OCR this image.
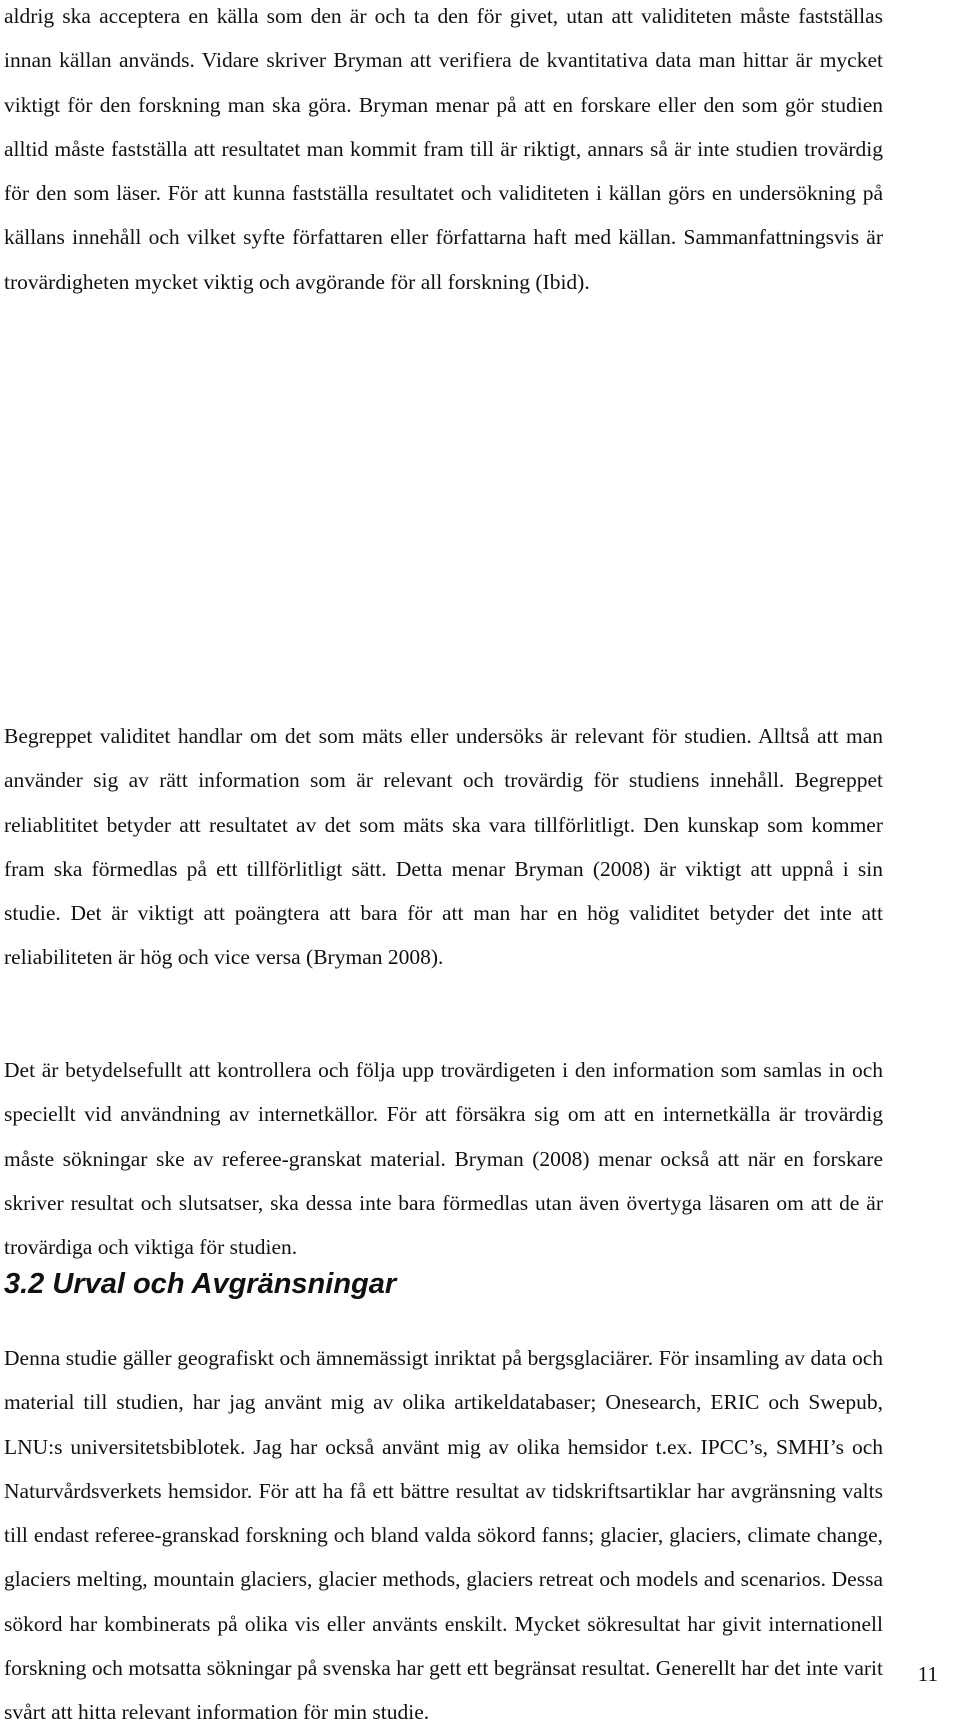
aldrig ska acceptera en källa som den är och ta den för givet, utan att validiteten måste fastställas innan källan används. Vidare skriver Bryman att verifiera de kvantitativa data man hittar är mycket viktigt för den forskning man ska göra. Bryman menar på att en forskare eller den som gör studien alltid måste fastställa att resultatet man kommit fram till är riktigt, annars så är inte studien trovärdig för den som läser. För att kunna fastställa resultatet och validiteten i källan görs en undersökning på källans innehåll och vilket syfte författaren eller författarna haft med källan. Sammanfattningsvis är trovärdigheten mycket viktig och avgörande för all forskning (Ibid).

Begreppet validitet handlar om det som mäts eller undersöks är relevant för studien. Alltså att man använder sig av rätt information som är relevant och trovärdig för studiens innehåll. Begreppet reliablititet betyder att resultatet av det som mäts ska vara tillförlitligt. Den kunskap som kommer fram ska förmedlas på ett tillförlitligt sätt. Detta menar Bryman (2008) är viktigt att uppnå i sin studie. Det är viktigt att poängtera att bara för att man har en hög validitet betyder det inte att reliabiliteten är hög och vice versa (Bryman 2008).

Det är betydelsefullt att kontrollera och följa upp trovärdigeten i den information som samlas in och speciellt vid användning av internetkällor. För att försäkra sig om att en internetkälla är trovärdig måste sökningar ske av referee-granskat material. Bryman (2008) menar också att när en forskare skriver resultat och slutsatser, ska dessa inte bara förmedlas utan även övertyga läsaren om att de är trovärdiga och viktiga för studien.

3.2 Urval och Avgränsningar

Denna studie gäller geografiskt och ämnemässigt inriktat på bergsglaciärer. För insamling av data och material till studien, har jag använt mig av olika artikeldatabaser; Onesearch, ERIC och Swepub, LNU:s universitetsbiblotek. Jag har också använt mig av olika hemsidor t.ex. IPCC’s, SMHI’s och Naturvårdsverkets hemsidor. För att ha få ett bättre resultat av tidskriftsartiklar har avgränsning valts till endast referee-granskad forskning och bland valda sökord fanns; glacier, glaciers, climate change, glaciers melting, mountain glaciers, glacier methods, glaciers retreat och models and scenarios. Dessa sökord har kombinerats på olika vis eller använts enskilt. Mycket sökresultat har givit internationell forskning och motsatta sökningar på svenska har gett ett begränsat resultat. Generellt har det inte varit svårt att hitta relevant information för min studie.

11
